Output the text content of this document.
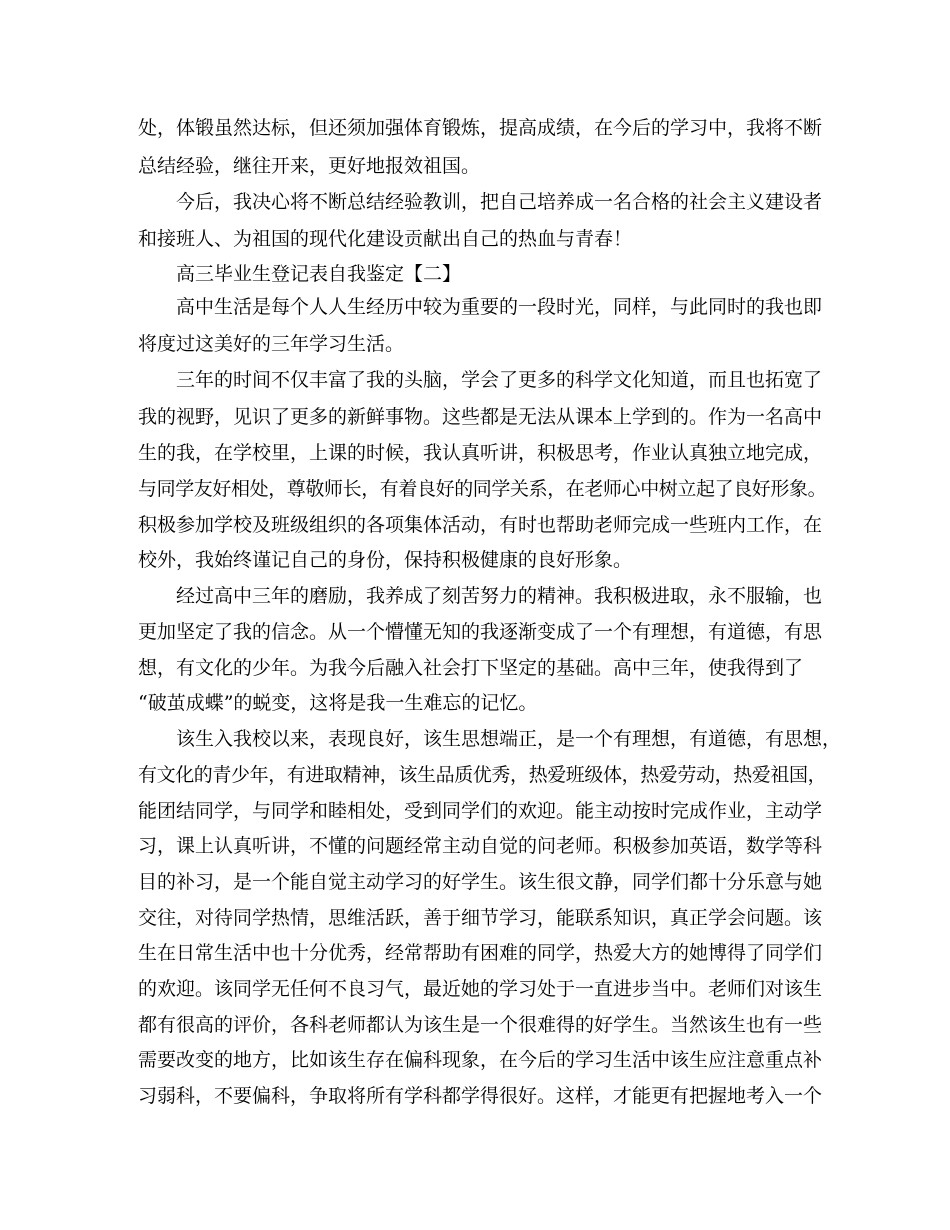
处，体锻虽然达标，但还须加强体育锻炼，提高成绩，在今后的学习中，我将不断
总结经验，继往开来，更好地报效祖国。
今后，我决心将不断总结经验教训，把自己培养成一名合格的社会主义建设者
和接班人、为祖国的现代化建设贡献出自己的热血与青春！
高三毕业生登记表自我鉴定【二】
高中生活是每个人人生经历中较为重要的一段时光，同样，与此同时的我也即
将度过这美好的三年学习生活。
三年的时间不仅丰富了我的头脑，学会了更多的科学文化知道，而且也拓宽了
我的视野，见识了更多的新鲜事物。这些都是无法从课本上学到的。作为一名高中
生的我，在学校里，上课的时候，我认真听讲，积极思考，作业认真独立地完成，
与同学友好相处，尊敬师长，有着良好的同学关系，在老师心中树立起了良好形象。
积极参加学校及班级组织的各项集体活动，有时也帮助老师完成一些班内工作，在
校外，我始终谨记自己的身份，保持积极健康的良好形象。
经过高中三年的磨励，我养成了刻苦努力的精神。我积极进取，永不服输，也
更加坚定了我的信念。从一个懵懂无知的我逐渐变成了一个有理想，有道德，有思
想，有文化的少年。为我今后融入社会打下坚定的基础。高中三年，使我得到了
“破茧成蝶”的蜕变，这将是我一生难忘的记忆。
该生入我校以来，表现良好，该生思想端正，是一个有理想，有道德，有思想，
有文化的青少年，有进取精神，该生品质优秀，热爱班级体，热爱劳动，热爱祖国，
能团结同学，与同学和睦相处，受到同学们的欢迎。能主动按时完成作业，主动学
习，课上认真听讲，不懂的问题经常主动自觉的问老师。积极参加英语，数学等科
目的补习，是一个能自觉主动学习的好学生。该生很文静，同学们都十分乐意与她
交往，对待同学热情，思维活跃，善于细节学习，能联系知识，真正学会问题。该
生在日常生活中也十分优秀，经常帮助有困难的同学，热爱大方的她博得了同学们
的欢迎。该同学无任何不良习气，最近她的学习处于一直进步当中。老师们对该生
都有很高的评价，各科老师都认为该生是一个很难得的好学生。当然该生也有一些
需要改变的地方，比如该生存在偏科现象，在今后的学习生活中该生应注意重点补
习弱科，不要偏科，争取将所有学科都学得很好。这样，才能更有把握地考入一个
